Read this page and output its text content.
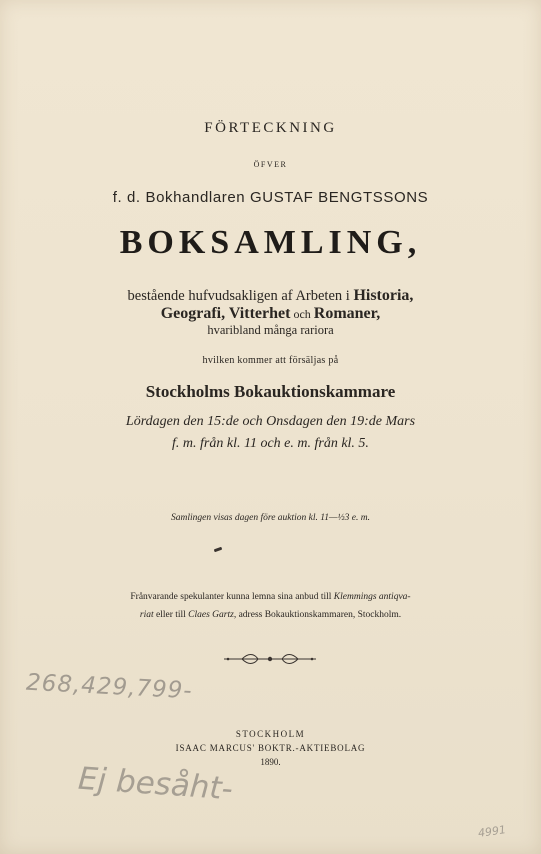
FÖRTECKNING
ÖFVER
f. d. Bokhandlaren GUSTAF BENGTSSONS
BOKSAMLING,
bestående hufvudsakligen af Arbeten i Historia,
Geografi, Vitterhet och Romaner,
hvaribland många rariora
hvilken kommer att försäljas på
Stockholms Bokauktionskammare
Lördagen den 15:de och Onsdagen den 19:de Mars
f. m. från kl. 11 och e. m. från kl. 5.
Samlingen visas dagen före auktion kl. 11—½3 e. m.
Frånvarande spekulanter kunna lemna sina anbud till Klemmings antiqva-
riat eller till Claes Gartz, adress Bokauktionskammaren, Stockholm.
STOCKHOLM
ISAAC MARCUS' BOKTR.-AKTIEBOLAG
1890.
268,429,799-
Ej besåht-
4991
